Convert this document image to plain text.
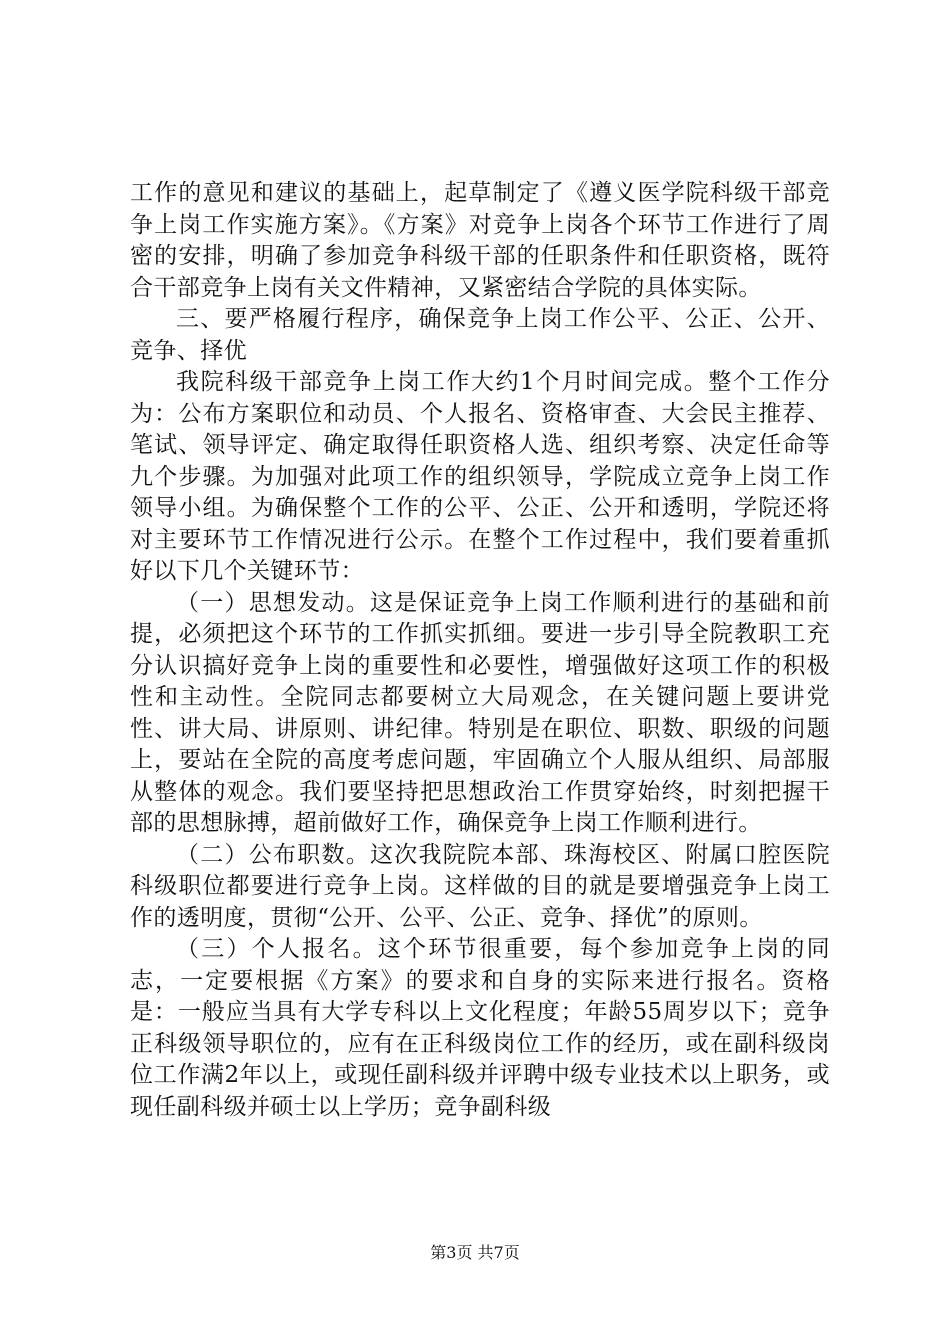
工作的意见和建议的基础上，起草制定了《遵义医学院科级干部竞争上岗工作实施方案》。《方案》对竞争上岗各个环节工作进行了周密的安排，明确了参加竞争科级干部的任职条件和任职资格，既符合干部竞争上岗有关文件精神，又紧密结合学院的具体实际。

三、要严格履行程序，确保竞争上岗工作公平、公正、公开、竞争、择优

我院科级干部竞争上岗工作大约1个月时间完成。整个工作分为：公布方案职位和动员、个人报名、资格审查、大会民主推荐、笔试、领导评定、确定取得任职资格人选、组织考察、决定任命等九个步骤。为加强对此项工作的组织领导，学院成立竞争上岗工作领导小组。为确保整个工作的公平、公正、公开和透明，学院还将对主要环节工作情况进行公示。在整个工作过程中，我们要着重抓好以下几个关键环节：

（一）思想发动。这是保证竞争上岗工作顺利进行的基础和前提，必须把这个环节的工作抓实抓细。要进一步引导全院教职工充分认识搞好竞争上岗的重要性和必要性，增强做好这项工作的积极性和主动性。全院同志都要树立大局观念，在关键问题上要讲党性、讲大局、讲原则、讲纪律。特别是在职位、职数、职级的问题上，要站在全院的高度考虑问题，牢固确立个人服从组织、局部服从整体的观念。我们要坚持把思想政治工作贯穿始终，时刻把握干部的思想脉搏，超前做好工作，确保竞争上岗工作顺利进行。

（二）公布职数。这次我院院本部、珠海校区、附属口腔医院科级职位都要进行竞争上岗。这样做的目的就是要增强竞争上岗工作的透明度，贯彻“公开、公平、公正、竞争、择优”的原则。

（三）个人报名。这个环节很重要，每个参加竞争上岗的同志，一定要根据《方案》的要求和自身的实际来进行报名。资格是：一般应当具有大学专科以上文化程度；年龄55周岁以下；竞争正科级领导职位的，应有在正科级岗位工作的经历，或在副科级岗位工作满2年以上，或现任副科级并评聘中级专业技术以上职务，或现任副科级并硕士以上学历；竞争副科级

第3页 共7页
